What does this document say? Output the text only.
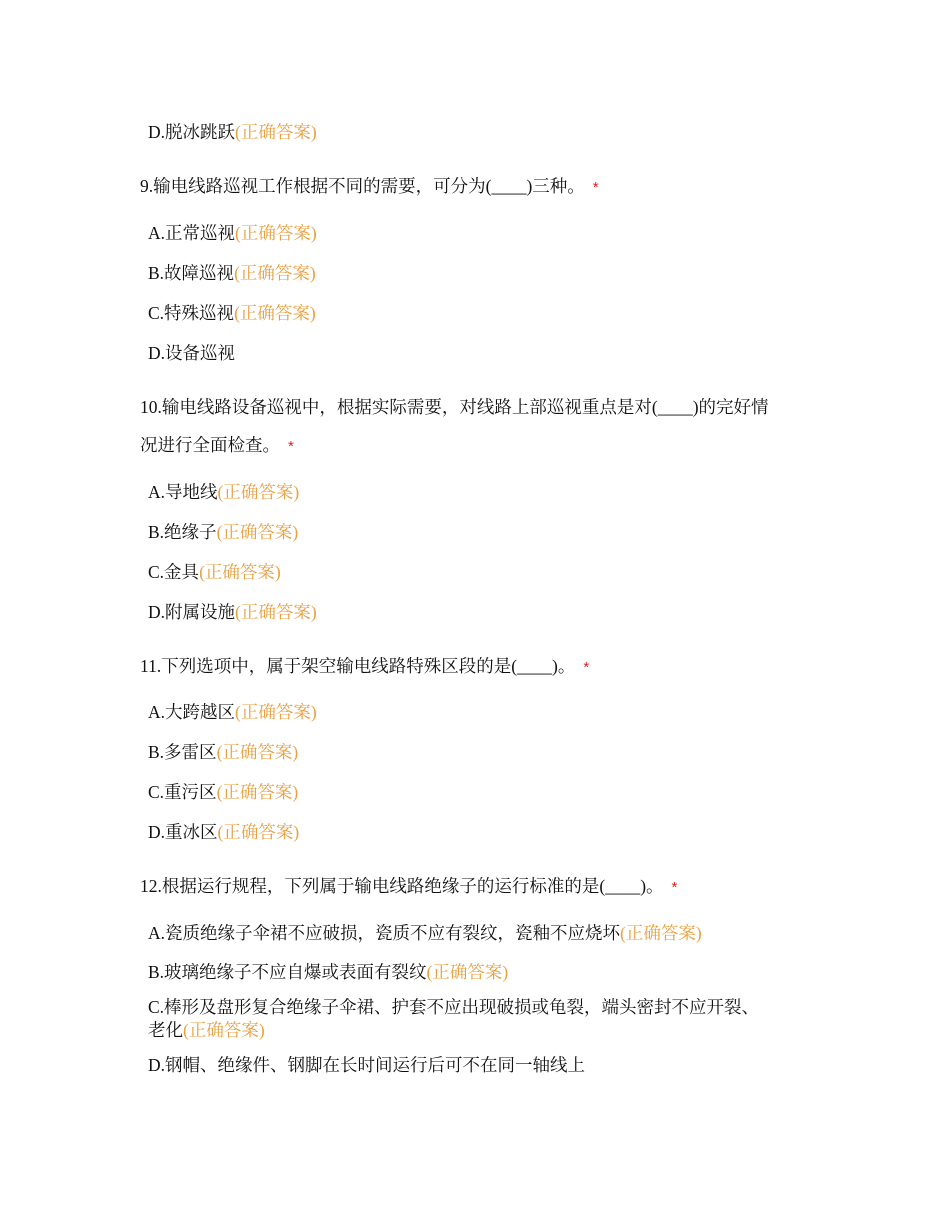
D.脱冰跳跃(正确答案)
9.输电线路巡视工作根据不同的需要，可分为(____)三种。 *
A.正常巡视(正确答案)
B.故障巡视(正确答案)
C.特殊巡视(正确答案)
D.设备巡视
10.输电线路设备巡视中，根据实际需要，对线路上部巡视重点是对(____)的完好情
况进行全面检查。 *
A.导地线(正确答案)
B.绝缘子(正确答案)
C.金具(正确答案)
D.附属设施(正确答案)
11.下列选项中，属于架空输电线路特殊区段的是(____)。 *
A.大跨越区(正确答案)
B.多雷区(正确答案)
C.重污区(正确答案)
D.重冰区(正确答案)
12.根据运行规程，下列属于输电线路绝缘子的运行标准的是(____)。 *
A.瓷质绝缘子伞裙不应破损，瓷质不应有裂纹，瓷釉不应烧坏(正确答案)
B.玻璃绝缘子不应自爆或表面有裂纹(正确答案)
C.棒形及盘形复合绝缘子伞裙、护套不应出现破损或龟裂，端头密封不应开裂、
老化(正确答案)
D.钢帽、绝缘件、钢脚在长时间运行后可不在同一轴线上
